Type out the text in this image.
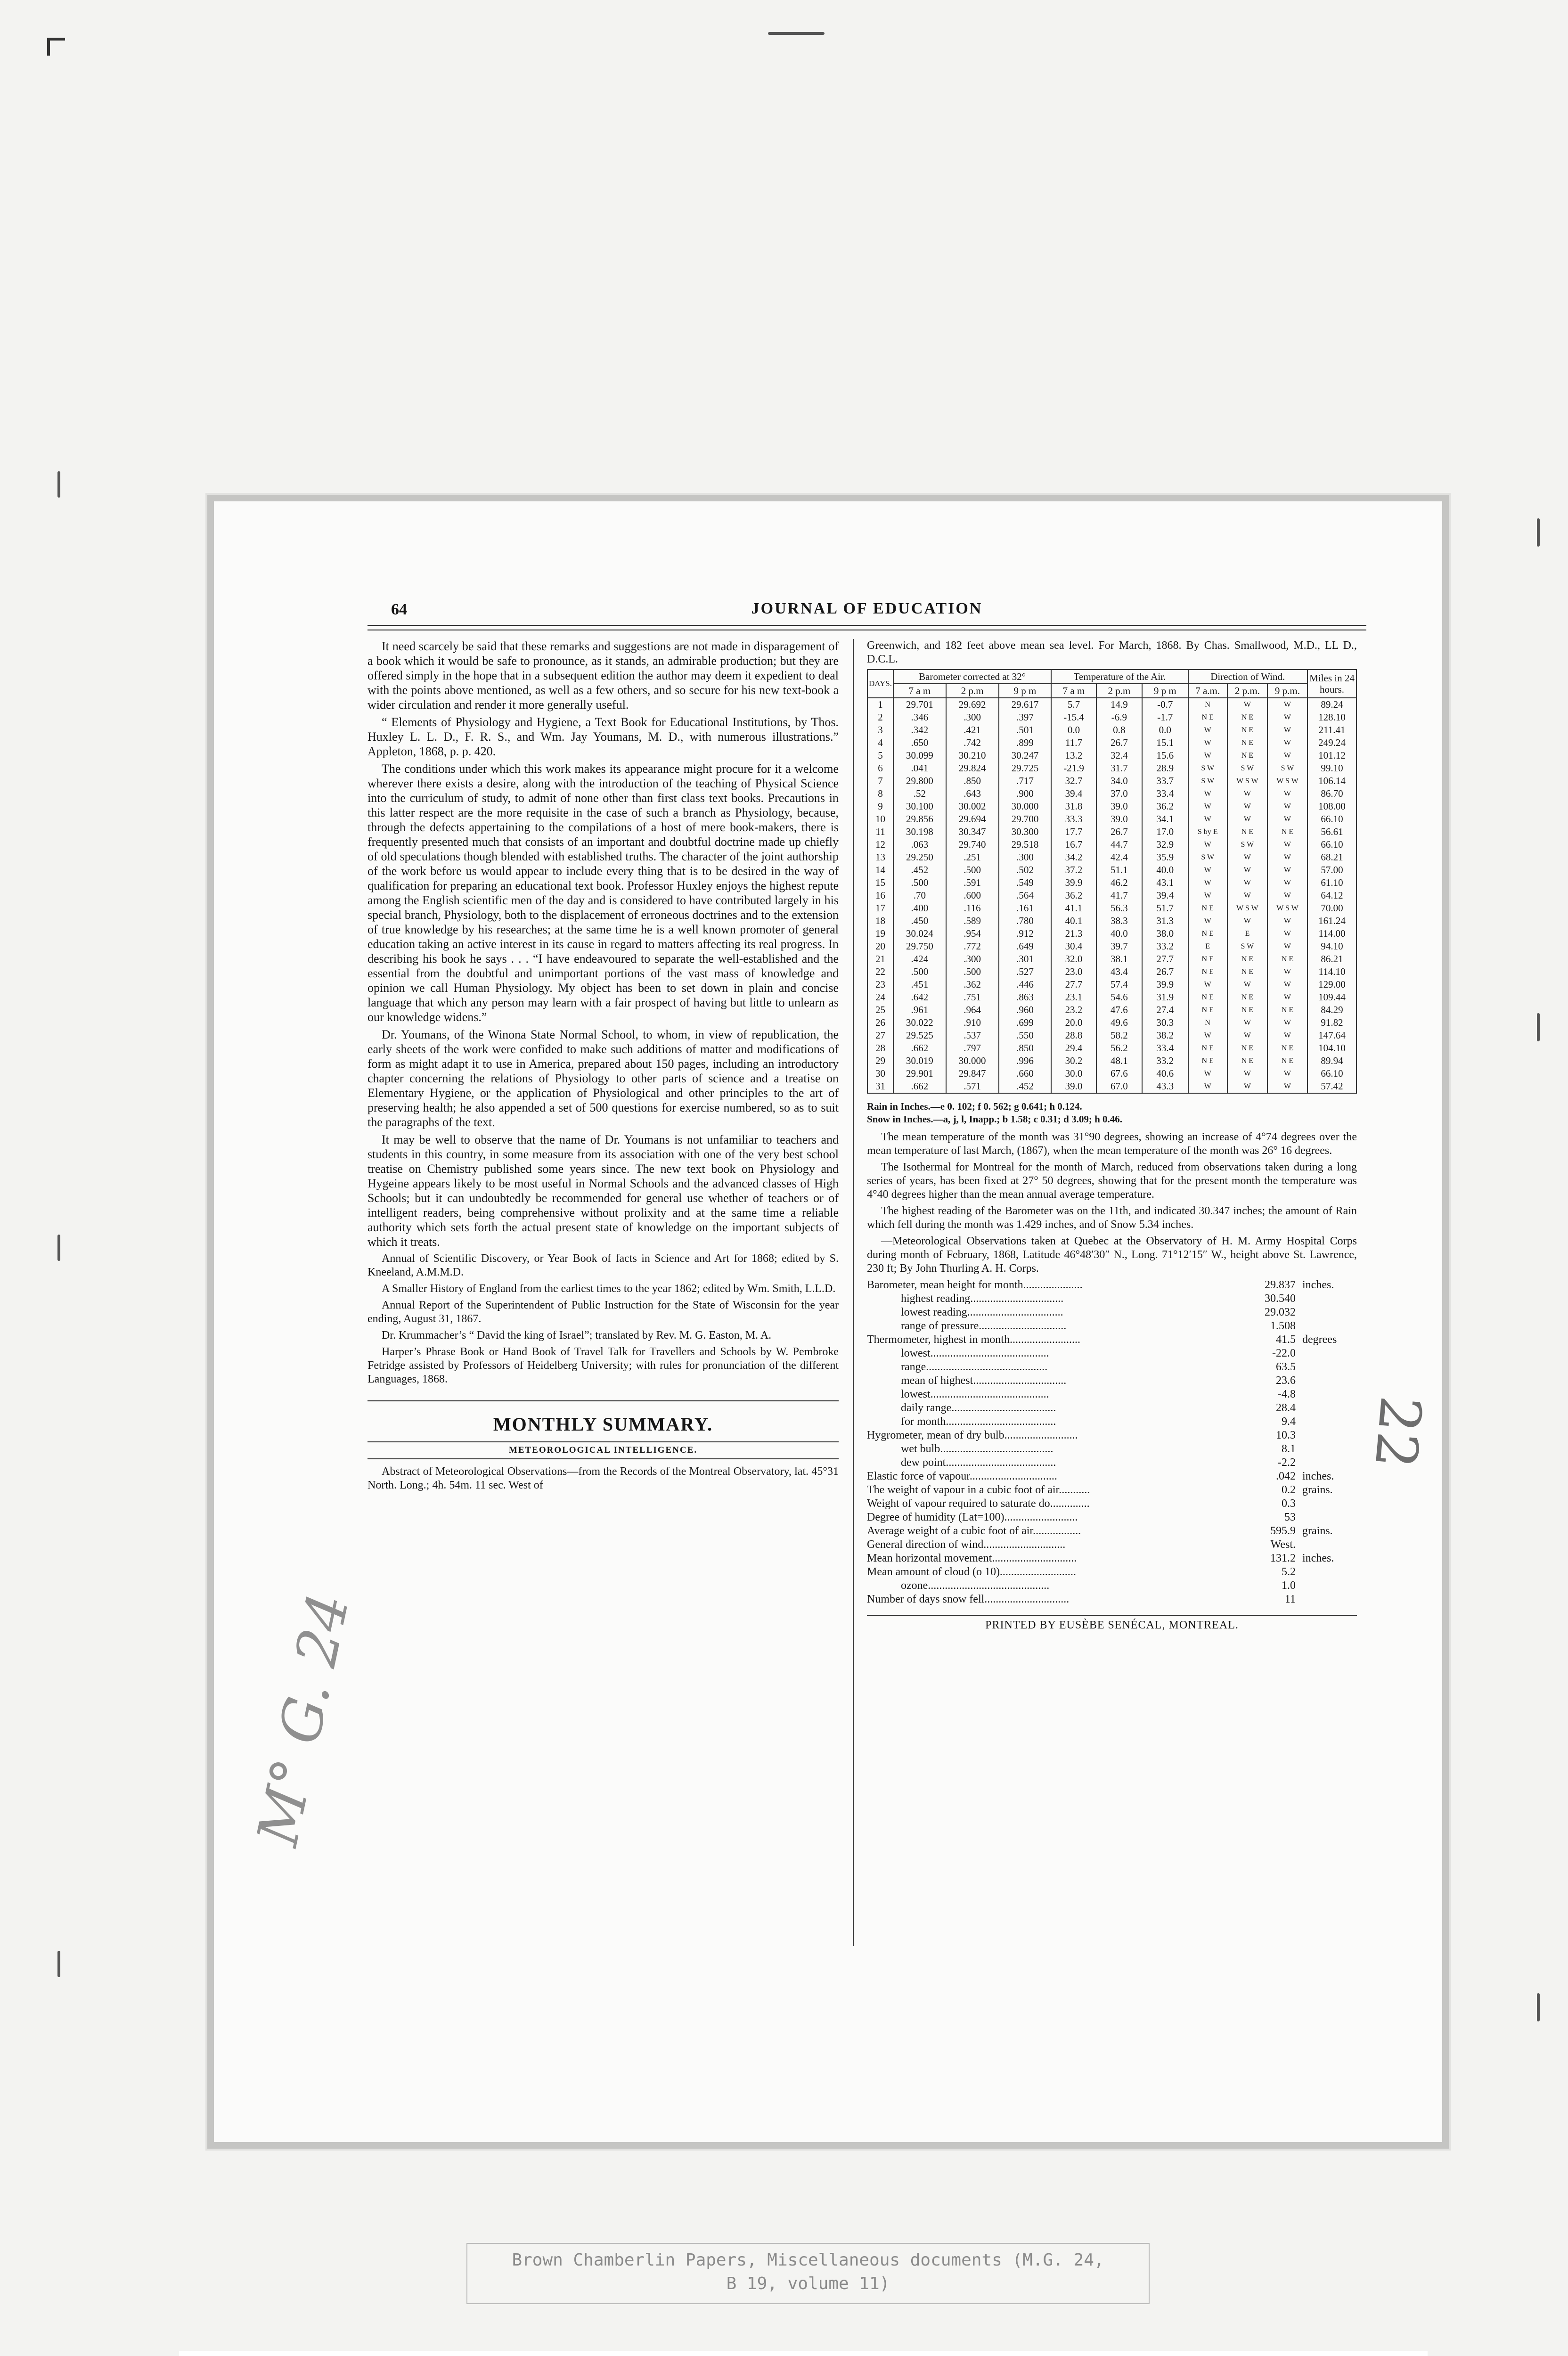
64	JOURNAL OF EDUCATION

It need scarcely be said that these remarks and suggestions are not made in disparagement of a book which it would be safe to pronounce, as it stands, an admirable production; but they are offered simply in the hope that in a subsequent edition the author may deem it expedient to deal with the points above mentioned, as well as a few others, and so secure for his new text-book a wider circulation and render it more generally useful.

“ Elements of Physiology and Hygiene, a Text Book for Educational Institutions, by Thos. Huxley L. L. D., F. R. S., and Wm. Jay Youmans, M. D., with numerous illustrations.” Appleton, 1868, p. p. 420.

The conditions under which this work makes its appearance might procure for it a welcome wherever there exists a desire, along with the introduction of the teaching of Physical Science into the curriculum of study, to admit of none other than first class text books. Precautions in this latter respect are the more requisite in the case of such a branch as Physiology, because, through the defects appertaining to the compilations of a host of mere book-makers, there is frequently presented much that consists of an important and doubtful doctrine made up chiefly of old speculations though blended with established truths. The character of the joint authorship of the work before us would appear to include every thing that is to be desired in the way of qualification for preparing an educational text book. Professor Huxley enjoys the highest repute among the English scientific men of the day and is considered to have contributed largely in his special branch, Physiology, both to the displacement of erroneous doctrines and to the extension of true knowledge by his researches; at the same time he is a well known promoter of general education taking an active interest in its cause in regard to matters affecting its real progress. In describing his book he says . . . “I have endeavoured to separate the well-established and the essential from the doubtful and unimportant portions of the vast mass of knowledge and opinion we call Human Physiology. My object has been to set down in plain and concise language that which any person may learn with a fair prospect of having but little to unlearn as our knowledge widens.”

Dr. Youmans, of the Winona State Normal School, to whom, in view of republication, the early sheets of the work were confided to make such additions of matter and modifications of form as might adapt it to use in America, prepared about 150 pages, including an introductory chapter concerning the relations of Physiology to other parts of science and a treatise on Elementary Hygiene, or the application of Physiological and other principles to the art of preserving health; he also appended a set of 500 questions for exercise numbered, so as to suit the paragraphs of the text.

It may be well to observe that the name of Dr. Youmans is not unfamiliar to teachers and students in this country, in some measure from its association with one of the very best school treatise on Chemistry published some years since. The new text book on Physiology and Hygeine appears likely to be most useful in Normal Schools and the advanced classes of High Schools; but it can undoubtedly be recommended for general use whether of teachers or of intelligent readers, being comprehensive without prolixity and at the same time a reliable authority which sets forth the actual present state of knowledge on the important subjects of which it treats.

Annual of Scientific Discovery, or Year Book of facts in Science and Art for 1868; edited by S. Kneeland, A.M.M.D.

A Smaller History of England from the earliest times to the year 1862; edited by Wm. Smith, L.L.D.

Annual Report of the Superintendent of Public Instruction for the State of Wisconsin for the year ending, August 31, 1867.

Dr. Krummacher’s “ David the king of Israel”; translated by Rev. M. G. Easton, M. A.

Harper’s Phrase Book or Hand Book of Travel Talk for Travellers and Schools by W. Pembroke Fetridge assisted by Professors of Heidelberg University; with rules for pronunciation of the different Languages, 1868.

MONTHLY SUMMARY.
METEOROLOGICAL INTELLIGENCE.

Abstract of Meteorological Observations—from the Records of the Montreal Observatory, lat. 45°31 North. Long.; 4h. 54m. 11 sec. West of

Greenwich, and 182 feet above mean sea level. For March, 1868. By Chas. Smallwood, M.D., LL D., D.C.L.

DAYS.	Barometer corrected at 32°			Temperature of the Air.			Direction of Wind.			Miles in 24 hours.
	7 a m	2 p.m	9 p m	7 a m	2 p.m	9 p m	7 a.m.	2 p.m.	9 p.m.	
1	29.701	29.692	29.617	5.7	14.9	-0.7	N	W	W	89.24
2	.346	.300	.397	-15.4	-6.9	-1.7	N E	N E	W	128.10
3	.342	.421	.501	0.0	0.8	0.0	W	N E	W	211.41
4	.650	.742	.899	11.7	26.7	15.1	W	N E	W	249.24
5	30.099	30.210	30.247	13.2	32.4	15.6	W	N E	W	101.12
6	.041	29.824	29.725	-21.9	31.7	28.9	S W	S W	S W	99.10
7	29.800	.850	.717	32.7	34.0	33.7	S W	W S W	W S W	106.14
8	.52	.643	.900	39.4	37.0	33.4	W	W	W	86.70
9	30.100	30.002	30.000	31.8	39.0	36.2	W	W	W	108.00
10	29.856	29.694	29.700	33.3	39.0	34.1	W	W	W	66.10
11	30.198	30.347	30.300	17.7	26.7	17.0	S by E	N E	N E	56.61
12	.063	29.740	29.518	16.7	44.7	32.9	W	S W	W	66.10
13	29.250	.251	.300	34.2	42.4	35.9	S W	W	W	68.21
14	.452	.500	.502	37.2	51.1	40.0	W	W	W	57.00
15	.500	.591	.549	39.9	46.2	43.1	W	W	W	61.10
16	.70	.600	.564	36.2	41.7	39.4	W	W	W	64.12
17	.400	.116	.161	41.1	56.3	51.7	N E	W S W	W S W	70.00
18	.450	.589	.780	40.1	38.3	31.3	W	W	W	161.24
19	30.024	.954	.912	21.3	40.0	38.0	N E	E	W	114.00
20	29.750	.772	.649	30.4	39.7	33.2	E	S W	W	94.10
21	.424	.300	.301	32.0	38.1	27.7	N E	N E	N E	86.21
22	.500	.500	.527	23.0	43.4	26.7	N E	N E	W	114.10
23	.451	.362	.446	27.7	57.4	39.9	W	W	W	129.00
24	.642	.751	.863	23.1	54.6	31.9	N E	N E	W	109.44
25	.961	.964	.960	23.2	47.6	27.4	N E	N E	N E	84.29
26	30.022	.910	.699	20.0	49.6	30.3	N	W	W	91.82
27	29.525	.537	.550	28.8	58.2	38.2	W	W	W	147.64
28	.662	.797	.850	29.4	56.2	33.4	N E	N E	N E	104.10
29	30.019	30.000	.996	30.2	48.1	33.2	N E	N E	N E	89.94
30	29.901	29.847	.660	30.0	67.6	40.6	W	W	W	66.10
31	.662	.571	.452	39.0	67.0	43.3	W	W	W	57.42
Rain in Inches.—e 0. 102; f 0. 562; g 0.641; h 0.124.
Snow in Inches.—a, j, l, Inapp.; b 1.58; c 0.31; d 3.09; h 0.46.

The mean temperature of the month was 31°90 degrees, showing an increase of 4°74 degrees over the mean temperature of last March, (1867), when the mean temperature of the month was 26° 16 degrees.

The Isothermal for Montreal for the month of March, reduced from observations taken during a long series of years, has been fixed at 27° 50 degrees, showing that for the present month the temperature was 4°40 degrees higher than the mean annual average temperature.

The highest reading of the Barometer was on the 11th, and indicated 30.347 inches; the amount of Rain which fell during the month was 1.429 inches, and of Snow 5.34 inches.

—Meteorological Observations taken at Quebec at the Observatory of H. M. Army Hospital Corps during month of February, 1868, Latitude 46°48′30″ N., Long. 71°12′15″ W., height above St. Lawrence, 230 ft; By John Thurling A. H. Corps.

Barometer, mean height for month.....................	29.837 inches.
   highest reading.................................	30.540
   lowest reading..................................	29.032
   range of pressure...............................	1.508
Thermometer, highest in month.........................	41.5 degrees
   lowest..........................................	-22.0
   range...........................................	63.5
   mean of highest.................................	23.6
   lowest..........................................	-4.8
   daily range.....................................	28.4
   for month.......................................	9.4
Hygrometer, mean of dry bulb..........................	10.3
   wet bulb........................................	8.1
   dew point.......................................	-2.2
Elastic force of vapour...............................	.042 inches.
The weight of vapour in a cubic foot of air...........	0.2 grains.
Weight of vapour required to saturate do..............	0.3
Degree of humidity (Lat=100)..........................	53
Average weight of a cubic foot of air.................	595.9 grains.
General direction of wind.............................	West.
Mean horizontal movement..............................	131.2 inches.
Mean amount of cloud (o 10)...........................	5.2
   ozone...........................................	1.0
Number of days snow fell..............................	11
PRINTED BY EUSÈBE SENÉCAL, MONTREAL.
M° G. 24
22
Brown Chamberlin Papers, Miscellaneous documents (M.G. 24,
B 19, volume 11)
